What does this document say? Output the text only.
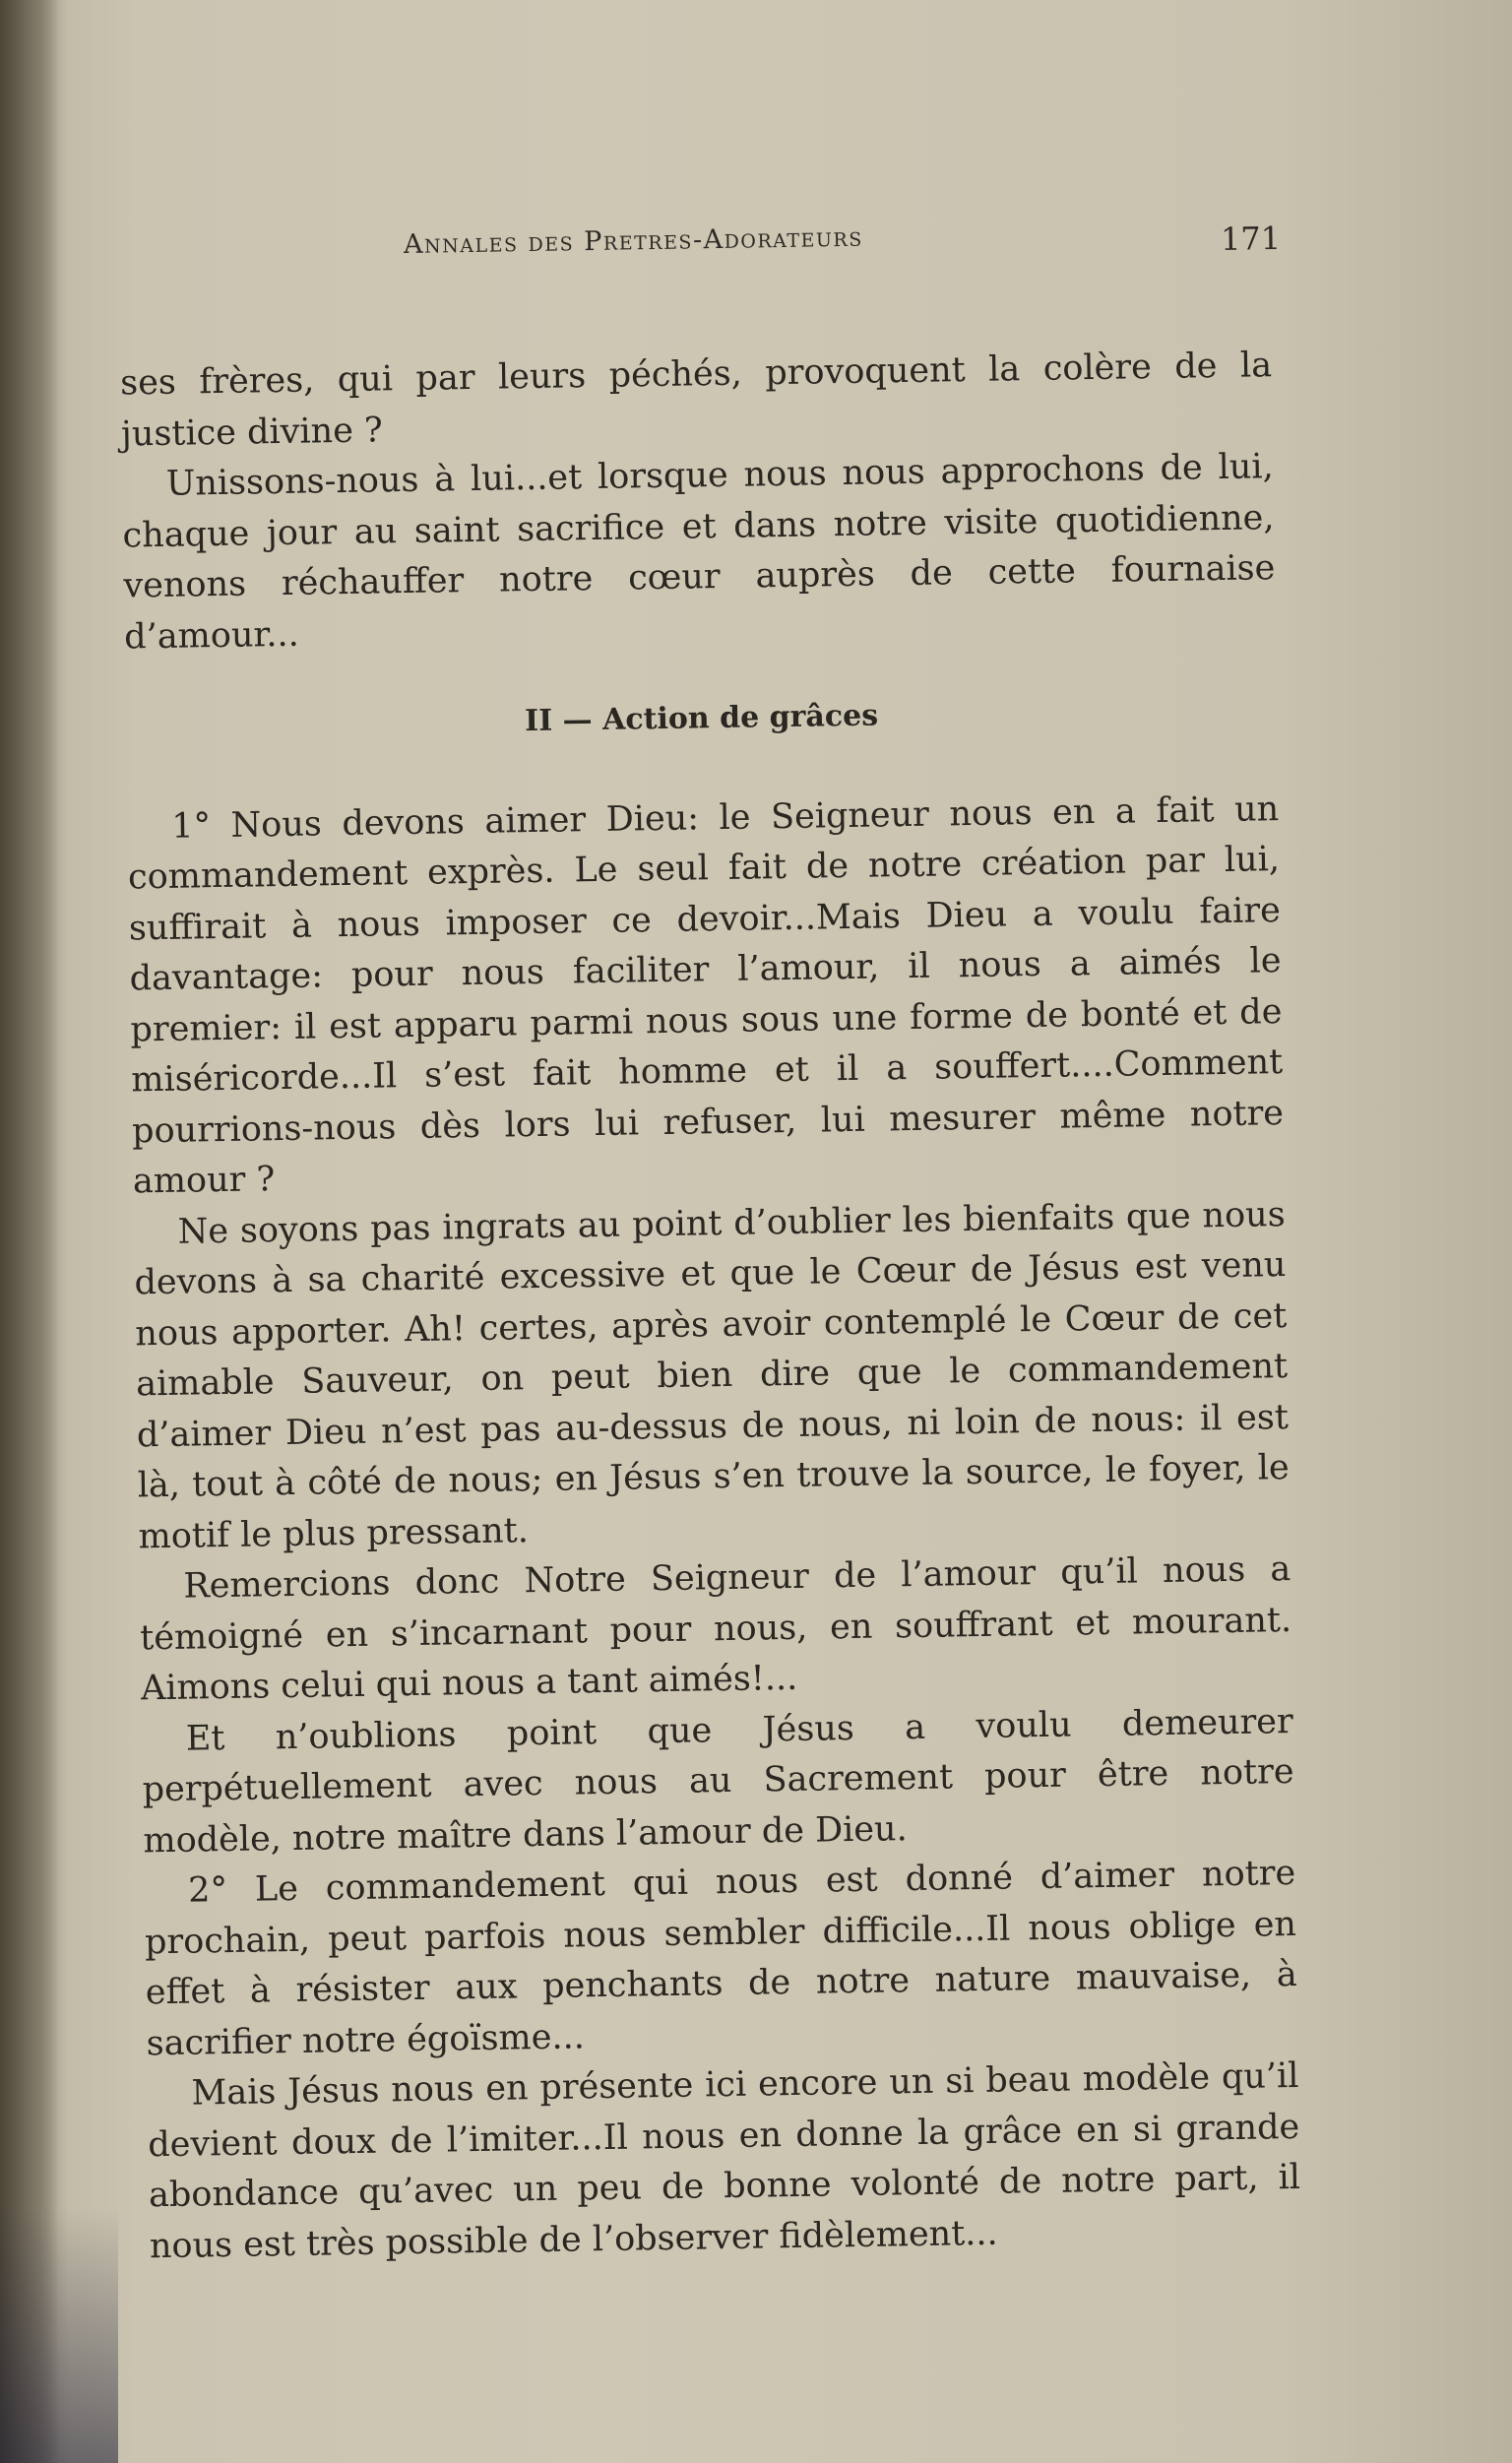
Annales des Pretres-Adorateurs	171

ses frères, qui par leurs péchés, provoquent la colère de la justice divine ?

Unissons-nous à lui...et lorsque nous nous approchons de lui, chaque jour au saint sacrifice et dans notre visite quotidienne, venons réchauffer notre cœur auprès de cette fournaise d’amour...

II — Action de grâces

1° Nous devons aimer Dieu: le Seigneur nous en a fait un commandement exprès. Le seul fait de notre création par lui, suffirait à nous imposer ce devoir...Mais Dieu a voulu faire davantage: pour nous faciliter l’amour, il nous a aimés le premier: il est apparu parmi nous sous une forme de bonté et de miséricorde...Il s’est fait homme et il a souffert....Comment pourrions-nous dès lors lui refuser, lui mesurer même notre amour ?

Ne soyons pas ingrats au point d’oublier les bienfaits que nous devons à sa charité excessive et que le Cœur de Jésus est venu nous apporter. Ah! certes, après avoir contemplé le Cœur de cet aimable Sauveur, on peut bien dire que le commandement d’aimer Dieu n’est pas au-dessus de nous, ni loin de nous: il est là, tout à côté de nous; en Jésus s’en trouve la source, le foyer, le motif le plus pressant.

Remercions donc Notre Seigneur de l’amour qu’il nous a témoigné en s’incarnant pour nous, en souffrant et mourant. Aimons celui qui nous a tant aimés!...

Et n’oublions point que Jésus a voulu demeurer perpétuellement avec nous au Sacrement pour être notre modèle, notre maître dans l’amour de Dieu.

2° Le commandement qui nous est donné d’aimer notre prochain, peut parfois nous sembler difficile...Il nous oblige en effet à résister aux penchants de notre nature mauvaise, à sacrifier notre égoïsme...

Mais Jésus nous en présente ici encore un si beau modèle qu’il devient doux de l’imiter...Il nous en donne la grâce en si grande abondance qu’avec un peu de bonne volonté de notre part, il nous est très possible de l’observer fidèlement...
